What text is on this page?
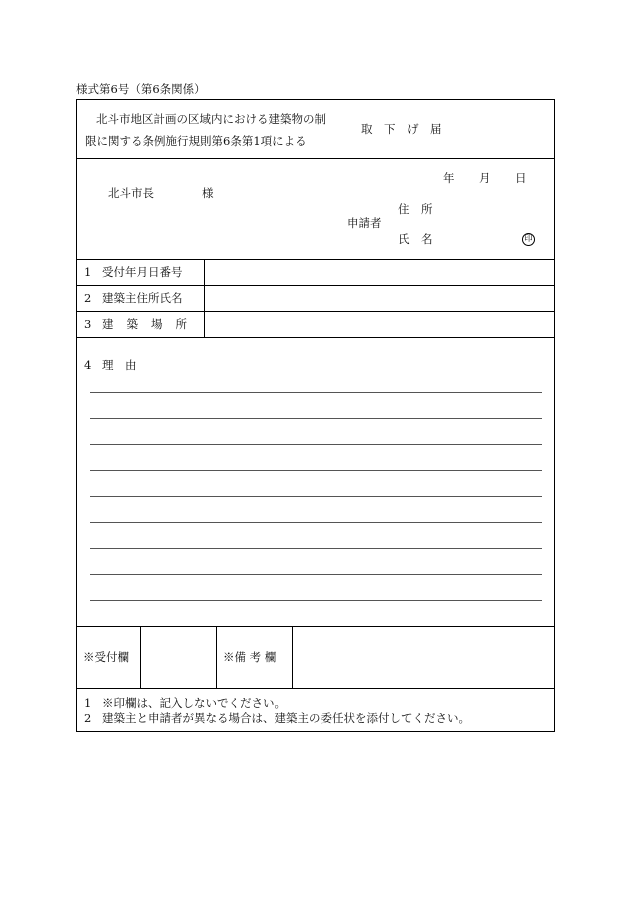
様式第6号（第6条関係）
北斗市地区計画の区域内における建築物の制
限に関する条例施行規則第6条第1項による
取　下　げ　届
年 月 日
北斗市長	様
住　所
申請者
氏　名	印
1 受付年月日番号
2 建築主住所氏名
3 建築場所
4 理　由
※受付欄	※備 考 欄
1 ※印欄は、記入しないでください。
2 建築主と申請者が異なる場合は、建築主の委任状を添付してください。
